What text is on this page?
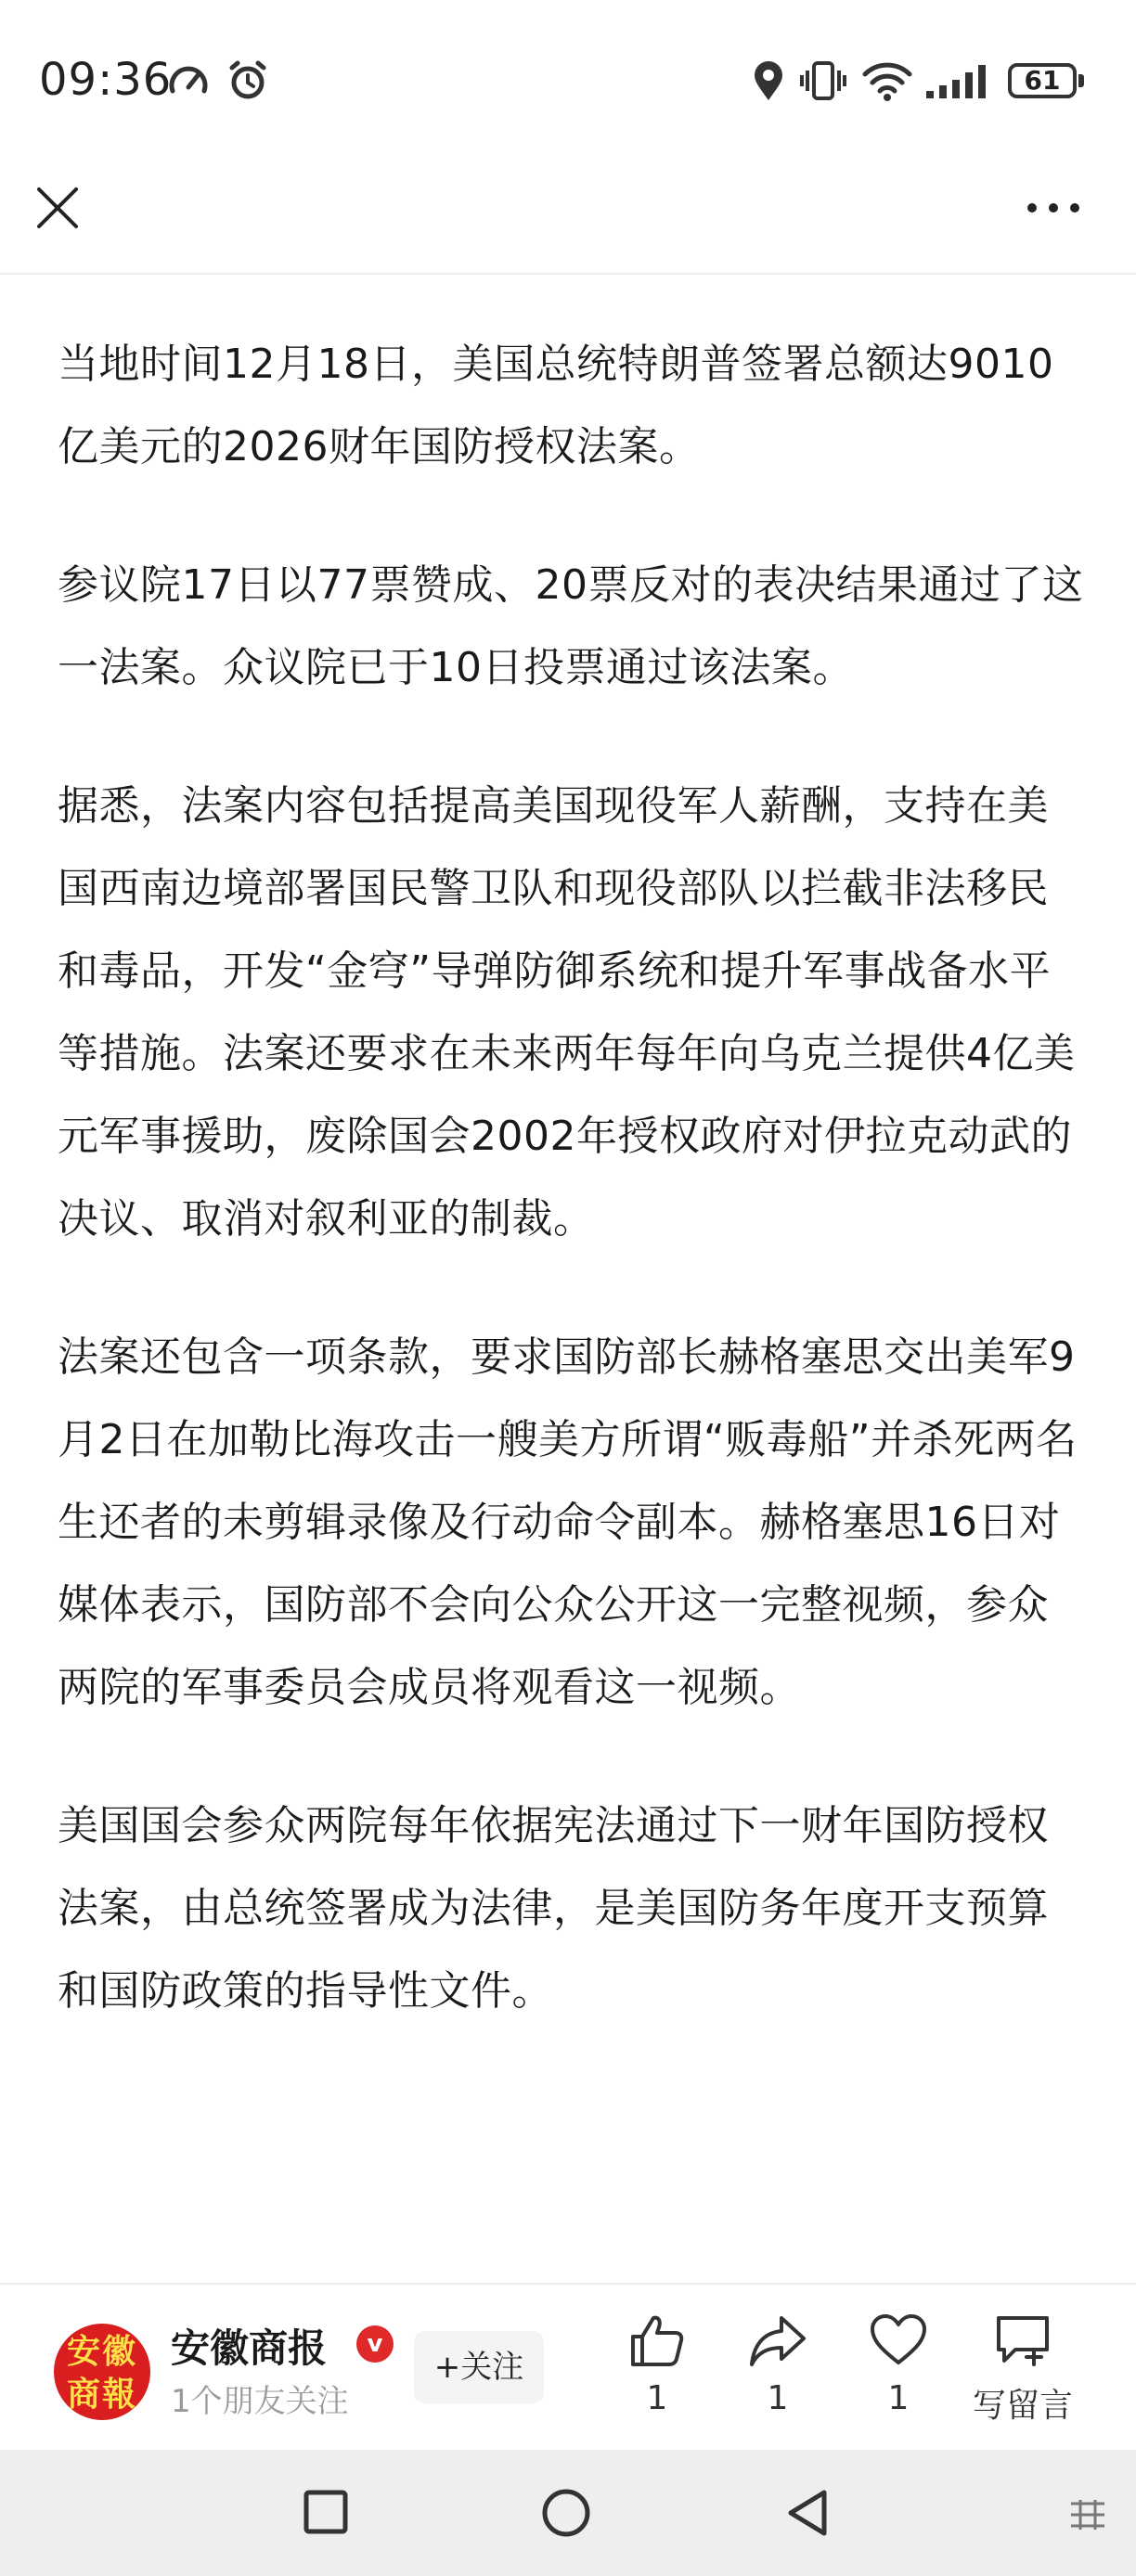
09:36	61

当地时间12月18日，美国总统特朗普签署总额达9010亿美元的2026财年国防授权法案。

参议院17日以77票赞成、20票反对的表决结果通过了这一法案。众议院已于10日投票通过该法案。

据悉，法案内容包括提高美国现役军人薪酬，支持在美国西南边境部署国民警卫队和现役部队以拦截非法移民和毒品，开发“金穹”导弹防御系统和提升军事战备水平等措施。法案还要求在未来两年每年向乌克兰提供4亿美元军事援助，废除国会2002年授权政府对伊拉克动武的决议、取消对叙利亚的制裁。

法案还包含一项条款，要求国防部长赫格塞思交出美军9月2日在加勒比海攻击一艘美方所谓“贩毒船”并杀死两名生还者的未剪辑录像及行动命令副本。赫格塞思16日对媒体表示，国防部不会向公众公开这一完整视频，参众两院的军事委员会成员将观看这一视频。

美国国会参众两院每年依据宪法通过下一财年国防授权法案，由总统签署成为法律，是美国防务年度开支预算和国防政策的指导性文件。

安徽
商報
安徽商报	v
1个朋友关注
+关注
1	1	1	写留言
